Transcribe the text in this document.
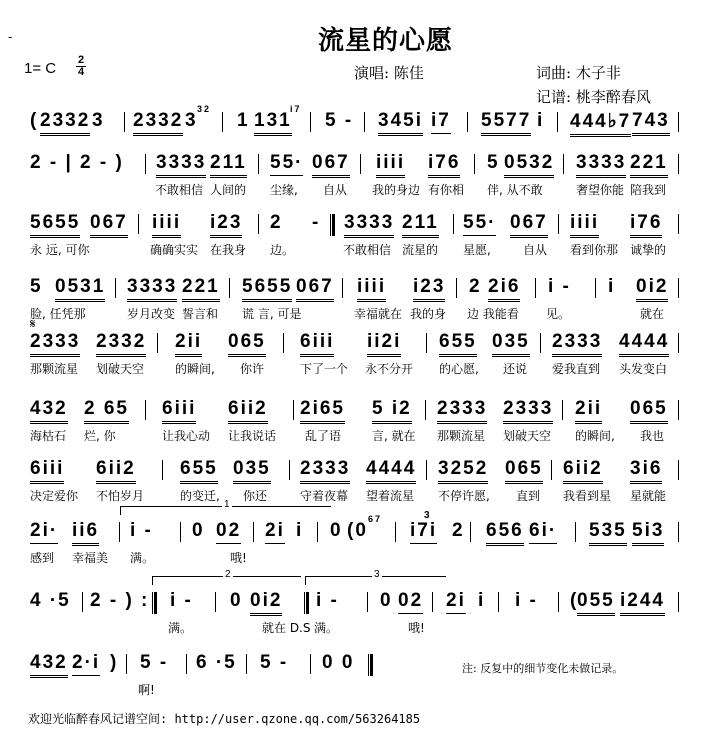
-	流星的心愿
1= C $\frac{2}{4}$	演唱: 陈佳	词曲: 木子非
记谱: 桃李醉春风
( 2332 3 2332 3 1 131 5 - 345i i7 5577 i 444♭7 743
32	i7
2 - | 2 - ) 3333 211 55· 067 iiii i76 5 0532 3333 221
不敢相信 人间的 尘缘, 自从 我的身边 有你相 伴, 从不敢	奢望你能 陪我到
5655 067 iiii i23 2 - 3333 211 55· 067 iiii i76
永 远, 可你	确确实实 在我身 边。	不敢相信 流星的 星愿,	自从 看到你那 诚挚的
5 0531 3333 221 5655 067 iiii i23 2 2i6 i - i 0i2
脸, 任凭那	岁月改变 誓言和 谎 言, 可是	幸福就在 我的身 边 我能看 见。	就在
2333 2332 2ii 065 6iii ii2i 655 035 2333 4444
那颗流星 划破天空	的瞬间, 你许	下了一个 永不分开 的心愿, 还说 爱我直到 头发变白
𝄋
432 2 65 6iii 6ii2 2i65 5 i2 2333 2333 2ii 065
海枯石 烂, 你	让我心动 让我说话 乱了语	言, 就在 那颗流星 划破天空 的瞬间, 我也
6iii 6ii2 655 035 2333 4444 3252 065 6ii2 3i6
决定爱你 不怕岁月	的变迁, 你还	守着夜幕 望着流星 不停许愿, 直到 我看到星 星就能
2i· ii6 i - 0 02 2i i 0 (0 i7i 2 656 6i· 535 5i3
67
感到 幸福美 满。	哦!
1
3
4 ·5 2 - ) : i - 0 0i2 i - 0 02 2i i i - (
055 i244
满。	就在 D.S 满。	哦!
2	3
432 2·i ) 5 - 6 ·5 5 - 0 0
啊!
注: 反复中的细节变化未做记录。
欢迎光临醉春风记谱空间: http://user.qzone.qq.com/563264185
